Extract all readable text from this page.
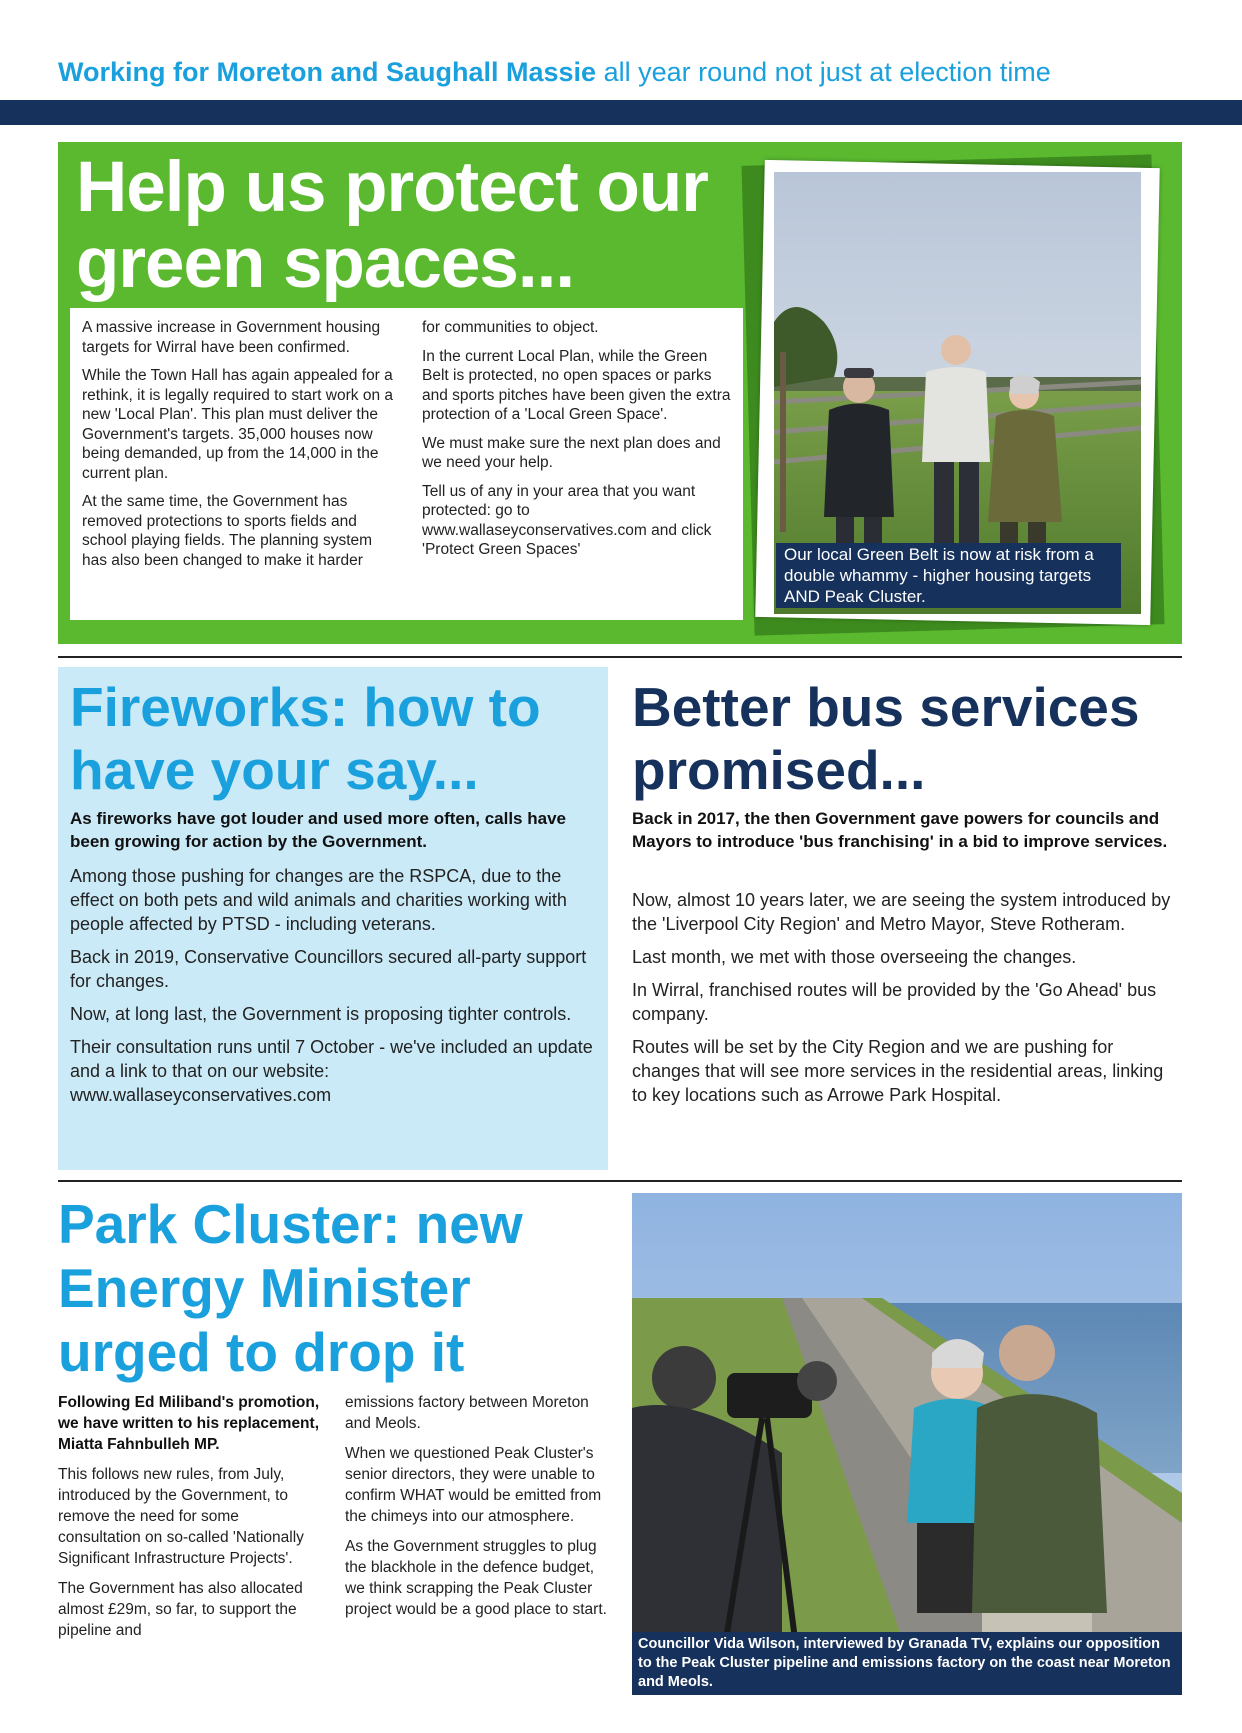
Working for Moreton and Saughall Massie all year round not just at election time
Help us protect our green spaces...

A massive increase in Government housing targets for Wirral have been confirmed.

While the Town Hall has again appealed for a rethink, it is legally required to start work on a new 'Local Plan'. This plan must deliver the Government's targets. 35,000 houses now being demanded, up from the 14,000 in the current plan.

At the same time, the Government has removed protections to sports fields and school playing fields. The planning system has also been changed to make it harder

for communities to object.

In the current Local Plan, while the Green Belt is protected, no open spaces or parks and sports pitches have been given the extra protection of a 'Local Green Space'.

We must make sure the next plan does and we need your help.

Tell us of any in your area that you want protected: go to www.wallaseyconservatives.com and click 'Protect Green Spaces'	Our local Green Belt is now at risk from a double whammy - higher housing targets AND Peak Cluster.
Fireworks: how to have your say...
As fireworks have got louder and used more often, calls have been growing for action by the Government.

Among those pushing for changes are the RSPCA, due to the effect on both pets and wild animals and charities working with people affected by PTSD - including veterans.

Back in 2019, Conservative Councillors secured all-party support for changes.

Now, at long last, the Government is proposing tighter controls.

Their consultation runs until 7 October - we've included an update and a link to that on our website: www.wallaseyconservatives.com

Better bus services promised...
Back in 2017, the then Government gave powers for councils and Mayors to introduce 'bus franchising' in a bid to improve services.

Now, almost 10 years later, we are seeing the system introduced by the 'Liverpool City Region' and Metro Mayor, Steve Rotheram.

Last month, we met with those overseeing the changes.

In Wirral, franchised routes will be provided by the 'Go Ahead' bus company.

Routes will be set by the City Region and we are pushing for changes that will see more services in the residential areas, linking to key locations such as Arrowe Park Hospital.

Park Cluster: new Energy Minister urged to drop it

Following Ed Miliband's promotion, we have written to his replacement, Miatta Fahnbulleh MP.

This follows new rules, from July, introduced by the Government, to remove the need for some consultation on so-called 'Nationally Significant Infrastructure Projects'.

The Government has also allocated almost £29m, so far, to support the pipeline and

emissions factory between Moreton and Meols.

When we questioned Peak Cluster's senior directors, they were unable to confirm WHAT would be emitted from the chimeys into our atmosphere.

As the Government struggles to plug the blackhole in the defence budget, we think scrapping the Peak Cluster project would be a good place to start.

Councillor Vida Wilson, interviewed by Granada TV, explains our opposition to the Peak Cluster pipeline and emissions factory on the coast near Moreton and Meols.
